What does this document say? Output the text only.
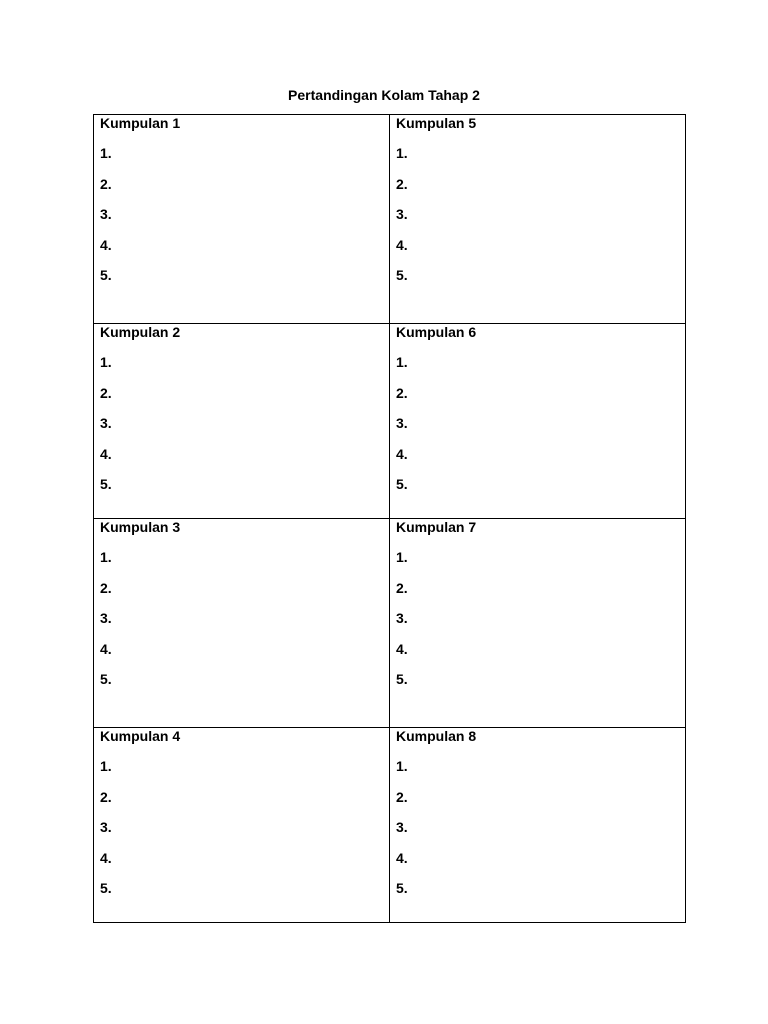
Pertandingan Kolam Tahap 2
Kumpulan 1
1.
2.
3.
4.
5.
Kumpulan 5
1.
2.
3.
4.
5.
Kumpulan 2
1.
2.
3.
4.
5.
Kumpulan 6
1.
2.
3.
4.
5.
Kumpulan 3
1.
2.
3.
4.
5.
Kumpulan 7
1.
2.
3.
4.
5.
Kumpulan 4
1.
2.
3.
4.
5.
Kumpulan 8
1.
2.
3.
4.
5.
